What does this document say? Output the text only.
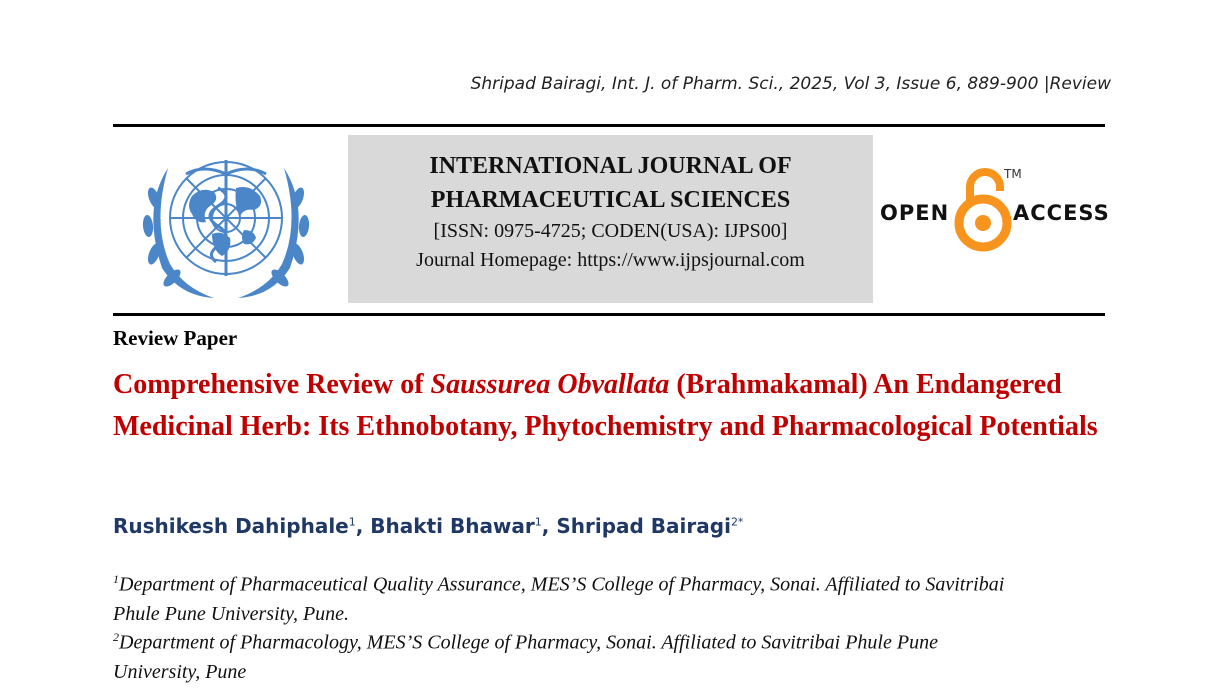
Shripad Bairagi, Int. J. of Pharm. Sci., 2025, Vol 3, Issue 6, 889-900 |Review
INTERNATIONAL JOURNAL OF
PHARMACEUTICAL SCIENCES
[ISSN: 0975-4725; CODEN(USA): IJPS00]
Journal Homepage: https://www.ijpsjournal.com
OPEN
TM
ACCESS
Review Paper
Comprehensive Review of Saussurea Obvallata (Brahmakamal) An Endangered Medicinal Herb: Its Ethnobotany, Phytochemistry and Pharmacological Potentials
Rushikesh Dahiphale$^1$, Bhakti Bhawar$^1$, Shripad Bairagi$^{2*}$
$^1$Department of Pharmaceutical Quality Assurance, MES’S College of Pharmacy, Sonai. Affiliated to Savitribai
Phule Pune University, Pune.
$^2$Department of Pharmacology, MES’S College of Pharmacy, Sonai. Affiliated to Savitribai Phule Pune
University, Pune
